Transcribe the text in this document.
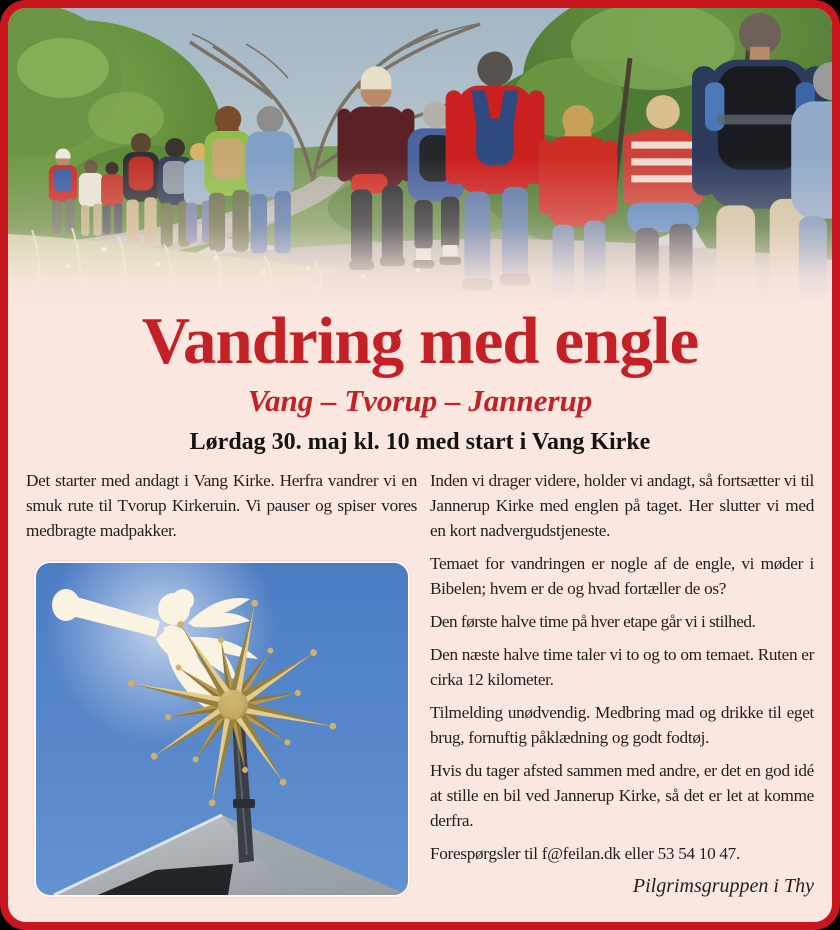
Vandring med engle
Vang – Tvorup – Jannerup
Lørdag 30. maj kl. 10 med start i Vang Kirke
Det starter med andagt i Vang Kirke. Herfra vandrer vi en smuk rute til Tvorup Kirkeruin. Vi pauser og spiser vores medbragte madpakker.

Inden vi drager videre, holder vi andagt, så fortsætter vi til Jannerup Kirke med englen på taget. Her slutter vi med en kort nadvergudstjeneste.

Temaet for vandringen er nogle af de engle, vi møder i Bibelen; hvem er de og hvad fortæller de os?

Den første halve time på hver etape går vi i stilhed.

Den næste halve time taler vi to og to om temaet. Ruten er cirka 12 kilometer.

Tilmelding unødvendig. Medbring mad og drikke til eget brug, fornuftig påklædning og godt fodtøj.

Hvis du tager afsted sammen med andre, er det en god idé at stille en bil ved Jannerup Kirke, så det er let at komme derfra.

Forespørgsler til f@feilan.dk eller 53 54 10 47.

Pilgrimsgruppen i Thy
